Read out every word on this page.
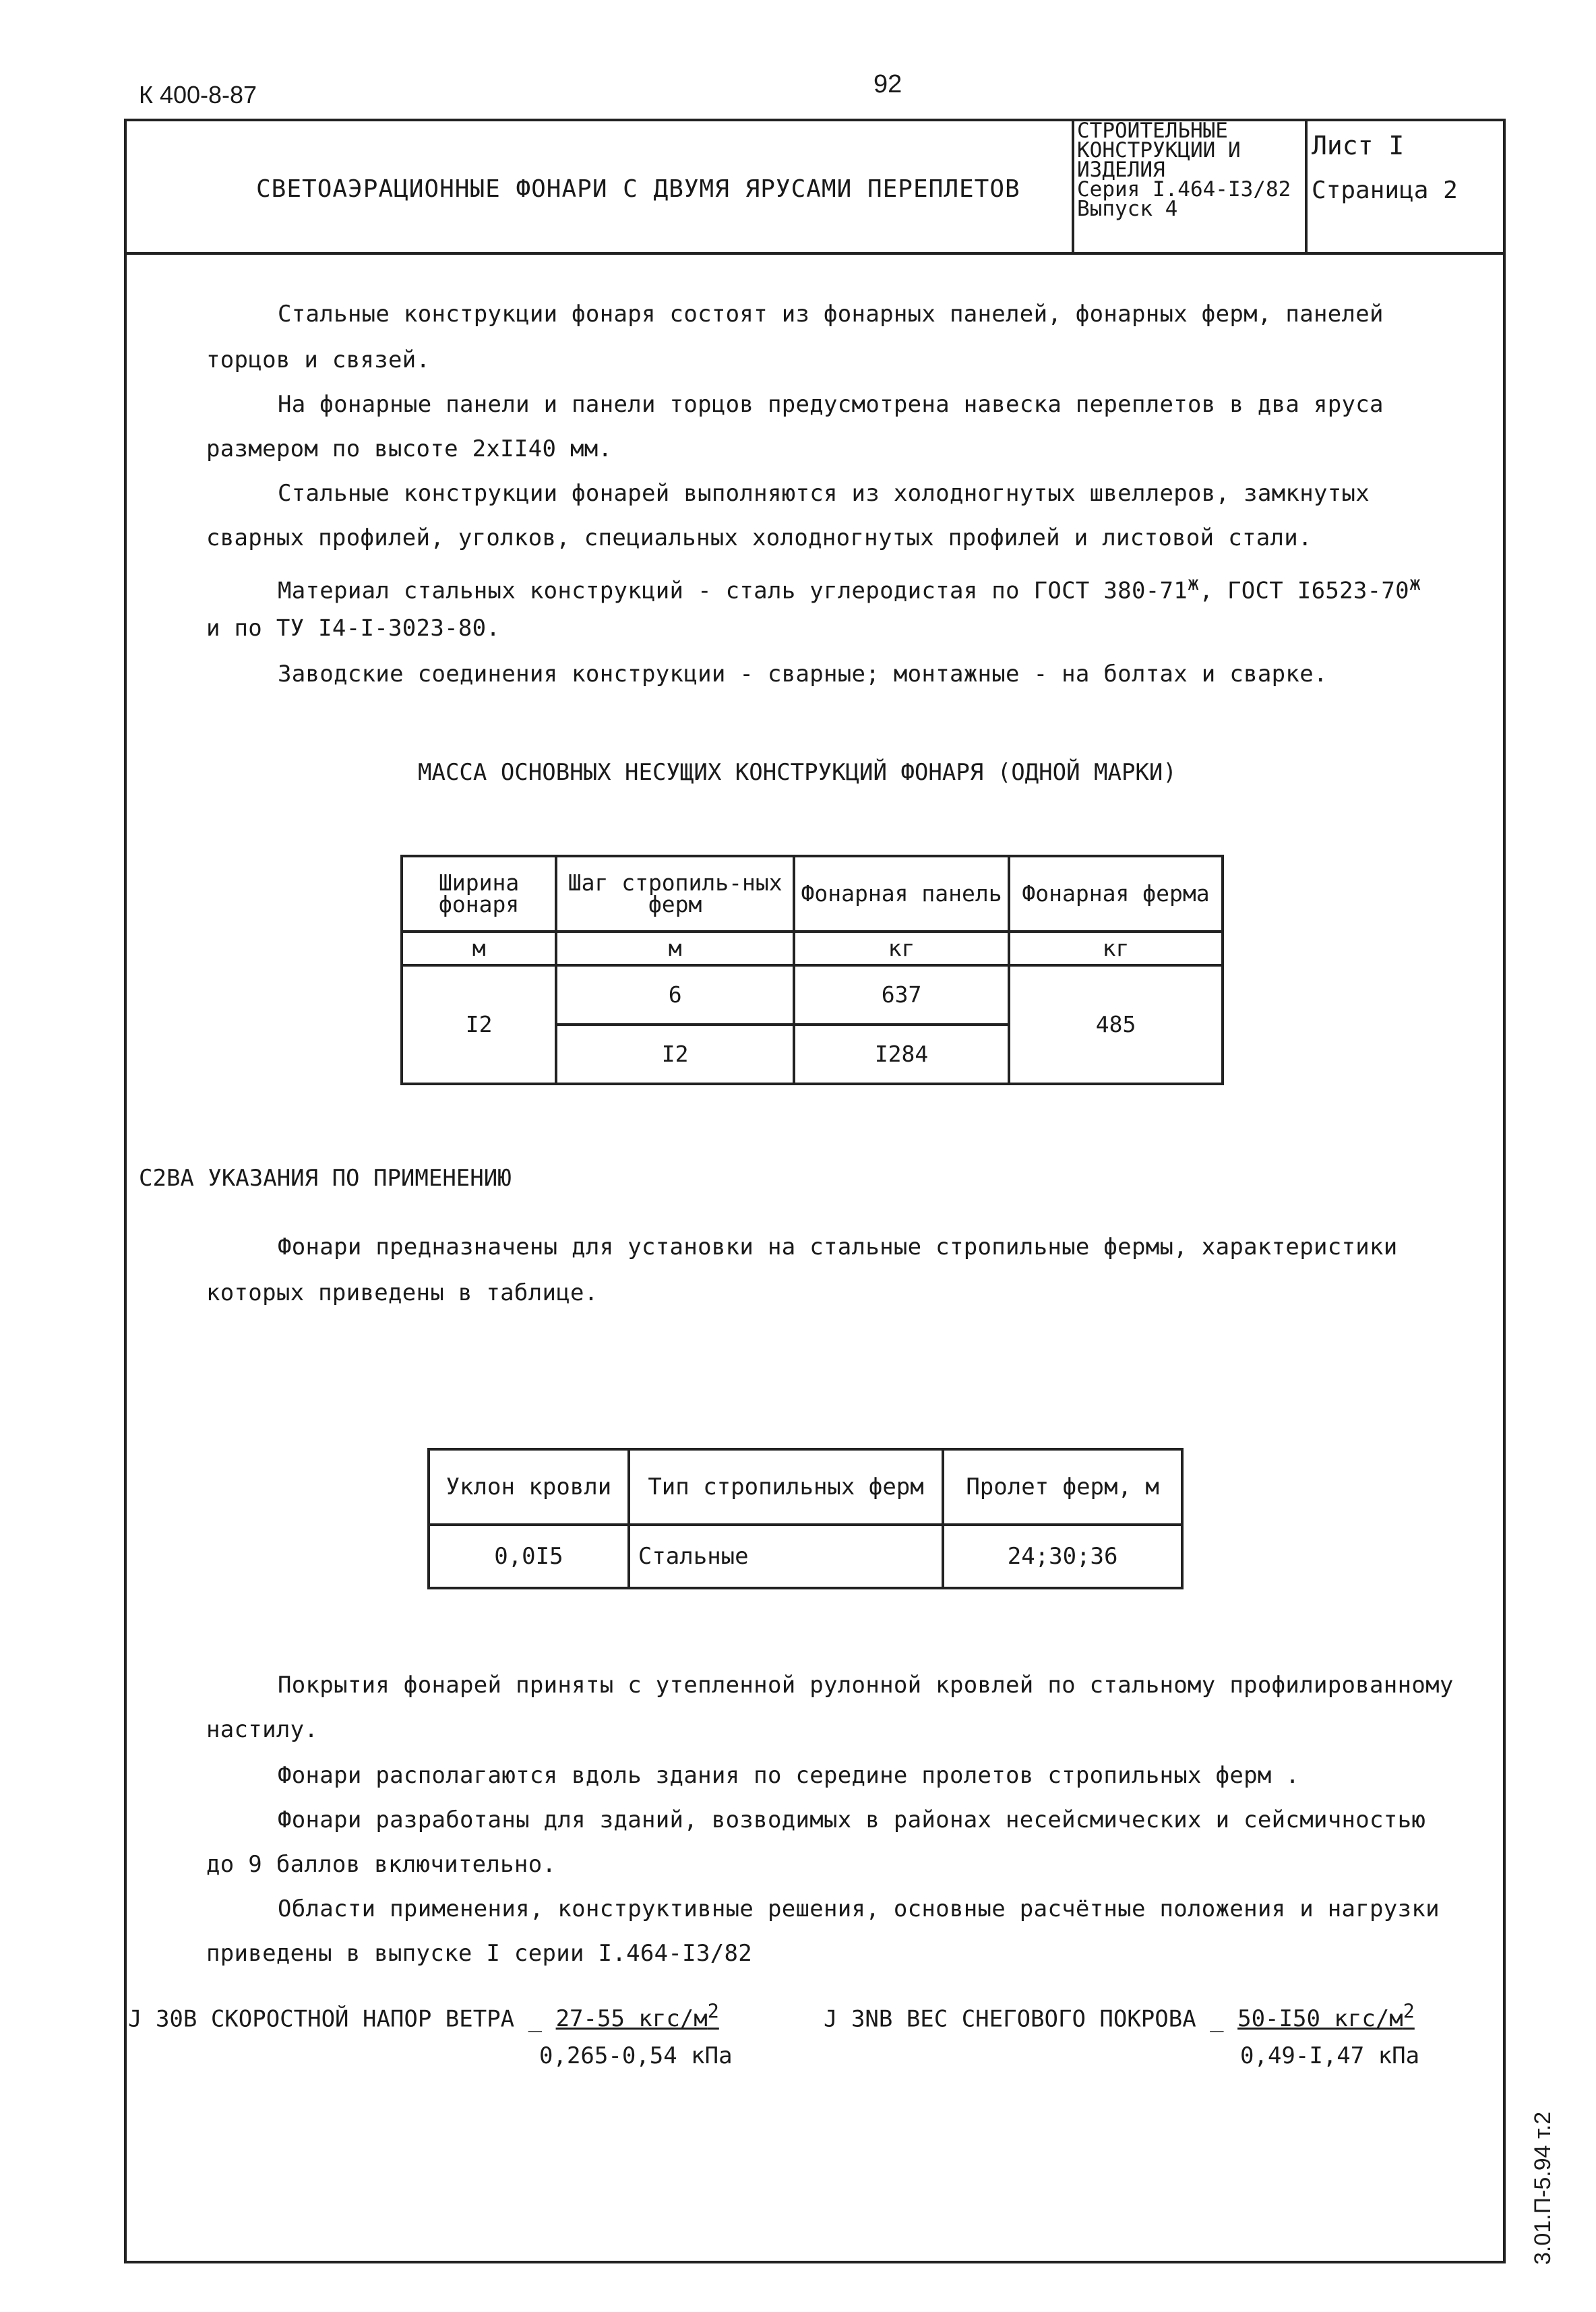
К 400-8-87	92
СВЕТОАЭРАЦИОННЫЕ ФОНАРИ С ДВУМЯ ЯРУСАМИ ПЕРЕПЛЕТОВ
СТРОИТЕЛЬНЫЕ
КОНСТРУКЦИИ И
ИЗДЕЛИЯ
Серия I.464-I3/82
Выпуск 4
Лист I
Страница 2
Стальные конструкции фонаря состоят из фонарных панелей, фонарных ферм, панелей
торцов и связей.
На фонарные панели и панели торцов предусмотрена навеска переплетов в два яруса
размером по высоте 2хII40 мм.
Стальные конструкции фонарей выполняются из холодногнутых швеллеров, замкнутых
сварных профилей, уголков, специальных холодногнутых профилей и листовой стали.
Материал стальных конструкций - сталь углеродистая по ГОСТ $380-71^ж$, ГОСТ $I6523-70^ж$
и по ТУ I4-I-3023-80.
Заводские соединения конструкции - сварные; монтажные - на болтах и сварке.
МАССА ОСНОВНЫХ НЕСУЩИХ КОНСТРУКЦИЙ ФОНАРЯ (ОДНОЙ МАРКИ)
Ширина фонаря	Шаг стропиль-ных ферм	Фонарная панель	Фонарная ферма
м	м	кг	кг
I2	6	637	485
	I2	I284	
С2ВА УКАЗАНИЯ ПО ПРИМЕНЕНИЮ
Фонари предназначены для установки на стальные стропильные фермы, характеристики
которых приведены в таблице.
Уклон кровли	Тип стропильных ферм	Пролет ферм, м
0,0I5	Стальные	24;30;36
Покрытия фонарей приняты с утепленной рулонной кровлей по стальному профилированному
настилу.
Фонари располагаются вдоль здания по середине пролетов стропильных ферм .
Фонари разработаны для зданий, возводимых в районах несейсмических и сейсмичностью
до 9 баллов включительно.
Области применения, конструктивные решения, основные расчётные положения и нагрузки
приведены в выпуске I серии I.464-I3/82
J 30B СКОРОСТНОЙ НАПОР ВЕТРА _ 27-55 кгс/$м^2$
0,265-0,54 кПа
J 3NB ВЕС СНЕГОВОГО ПОКРОВА _ 50-I50 кгс/$м^2$
0,49-I,47 кПа
3.01.П-5.94 т.2
